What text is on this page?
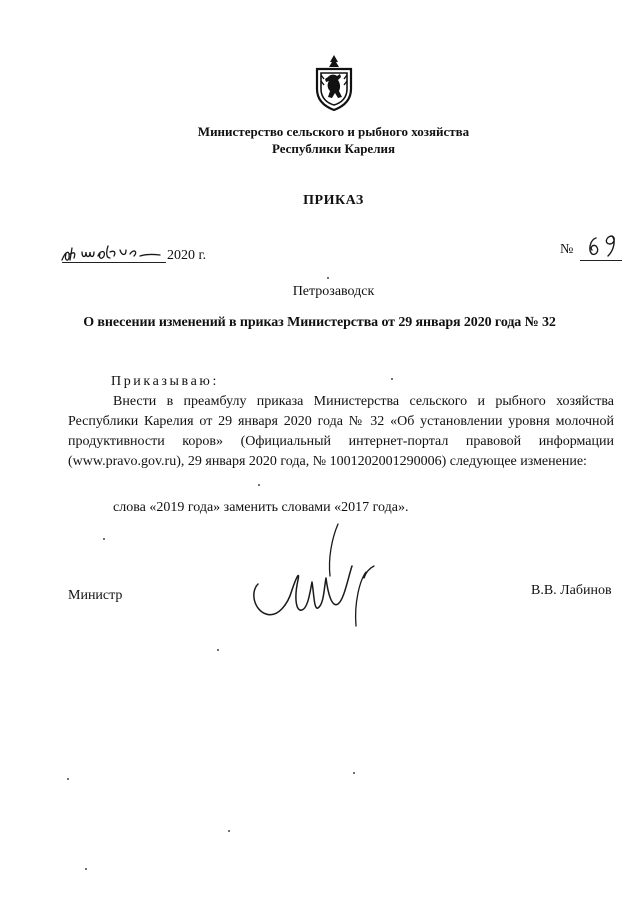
Министерство сельского и рыбного хозяйства
Республики Карелия
ПРИКАЗ
2020 г.	№
Петрозаводск
О внесении изменений в приказ Министерства от 29 января 2020 года № 32
Приказываю:
Внести в преамбулу приказа Министерства сельского и рыбного хозяйства Республики Карелия от 29 января 2020 года № 32 «Об установлении уровня молочной продуктивности коров» (Официальный интернет-портал правовой информации (www.pravo.gov.ru), 29 января 2020 года, № 1001202001290006) следующее изменение:
слова «2019 года» заменить словами «2017 года».
Министр	В.В. Лабинов
